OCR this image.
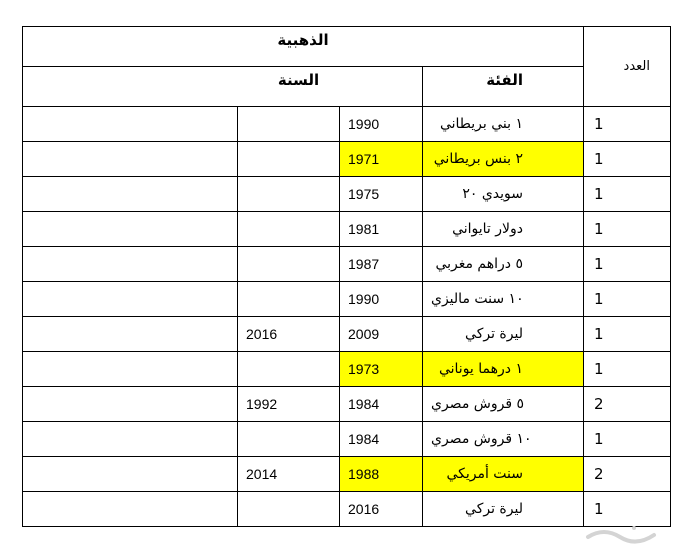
الذهبية				العدد
السنة			الفئة	
		1990	١ بني بريطاني	1
		1971	٢ بنس بريطاني	1
		1975	سويدي ٢٠	1
		1981	دولار تايواني	1
		1987	٥ دراهم مغربي	1
		1990	١٠ سنت ماليزي	1
	2016	2009	ليرة تركي	1
		1973	١ درهما يوناني	1
	1992	1984	٥ قروش مصري	2
		1984	١٠ قروش مصري	1
	2014	1988	سنت أمريكي	2
		2016	ليرة تركي	1
